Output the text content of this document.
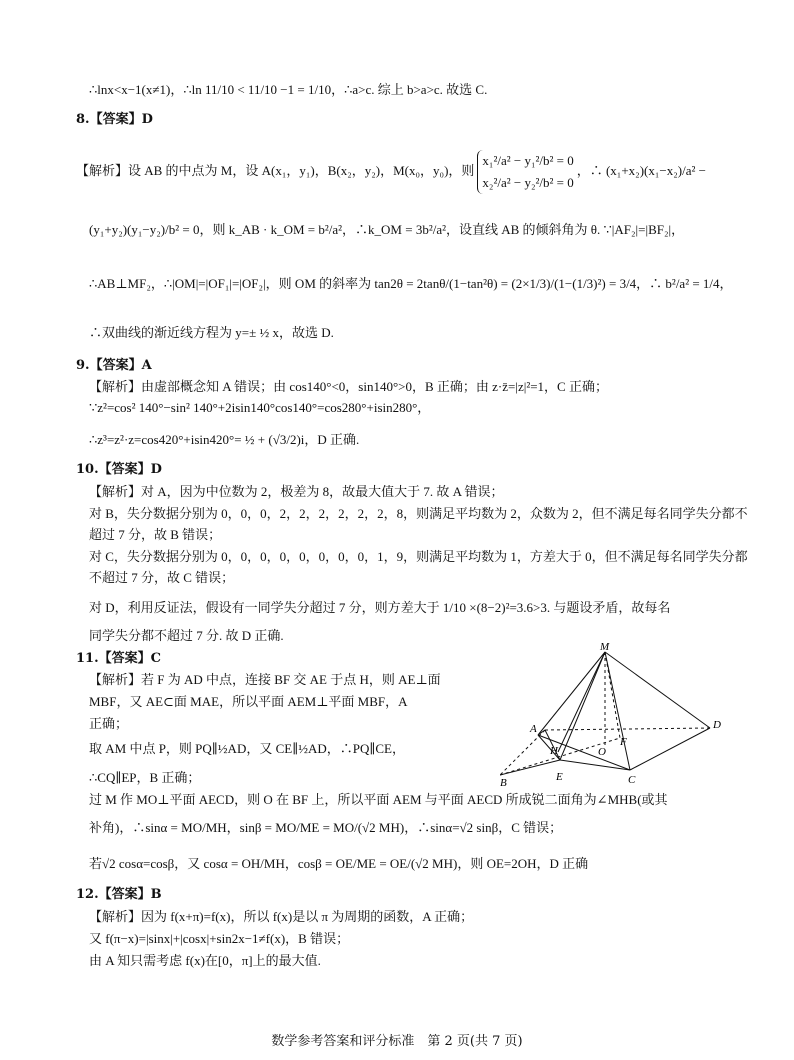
∴lnx<x−1(x≠1)，∴ln 11/10 < 11/10 −1 = 1/10，∴a>c. 综上 b>a>c. 故选 C.
8.【答案】D
【解析】设 AB 的中点为 M，设 A(x₁，y₁)，B(x₂，y₂)，M(x₀，y₀)，则
x₁²/a² − y₁²/b² = 0
x₂²/a² − y₂²/b² = 0
，∴ (x₁+x₂)(x₁−x₂)/a² −
(y₁+y₂)(y₁−y₂)/b² = 0，则 k_AB · k_OM = b²/a²，∴k_OM = 3b²/a²，设直线 AB 的倾斜角为 θ. ∵|AF₂|=|BF₂|，
∴AB⊥MF₂，∴|OM|=|OF₁|=|OF₂|，则 OM 的斜率为 tan2θ = 2tanθ/(1−tan²θ) = (2×1/3)/(1−(1/3)²) = 3/4，∴ b²/a² = 1/4，
∴双曲线的渐近线方程为 y=± ½ x，故选 D.
9.【答案】A
【解析】由虚部概念知 A 错误；由 cos140°<0，sin140°>0，B 正确；由 z·z̄=|z|²=1，C 正确；
∵z²=cos² 140°−sin² 140°+2isin140°cos140°=cos280°+isin280°，
∴z³=z²·z=cos420°+isin420°= ½ + (√3/2)i，D 正确.
10.【答案】D
【解析】对 A，因为中位数为 2，极差为 8，故最大值大于 7. 故 A 错误；
对 B，失分数据分别为 0，0，0，2，2，2，2，2，2，8，则满足平均数为 2，众数为 2，但不满足每名同学失分都不
超过 7 分，故 B 错误；
对 C，失分数据分别为 0，0，0，0，0，0，0，0，1，9，则满足平均数为 1，方差大于 0，但不满足每名同学失分都
不超过 7 分，故 C 错误；
对 D，利用反证法，假设有一同学失分超过 7 分，则方差大于 1/10 ×(8−2)²=3.6>3. 与题设矛盾，故每名
同学失分都不超过 7 分. 故 D 正确.
11.【答案】C
【解析】若 F 为 AD 中点，连接 BF 交 AE 于点 H，则 AE⊥面
MBF，又 AE⊂面 MAE，所以平面 AEM⊥平面 MBF，A
正确；
取 AM 中点 P，则 PQ∥½AD，又 CE∥½AD，∴PQ∥CE，
∴CQ∥EP，B 正确；
过 M 作 MO⊥平面 AECD，则 O 在 BF 上，所以平面 AEM 与平面 AECD 所成锐二面角为∠MHB(或其
补角)，∴sinα = MO/MH，sinβ = MO/ME = MO/(√2 MH)，∴sinα=√2 sinβ，C 错误；
若√2 cosα=cosβ，又 cosα = OH/MH，cosβ = OE/ME = OE/(√2 MH)，则 OE=2OH，D 正确
M
A	D
F
O
H
B	E	C
12.【答案】B
【解析】因为 f(x+π)=f(x)，所以 f(x)是以 π 为周期的函数，A 正确；
又 f(π−x)=|sinx|+|cosx|+sin2x−1≠f(x)，B 错误；
由 A 知只需考虑 f(x)在[0，π]上的最大值.
数学参考答案和评分标准　第 2 页(共 7 页)
